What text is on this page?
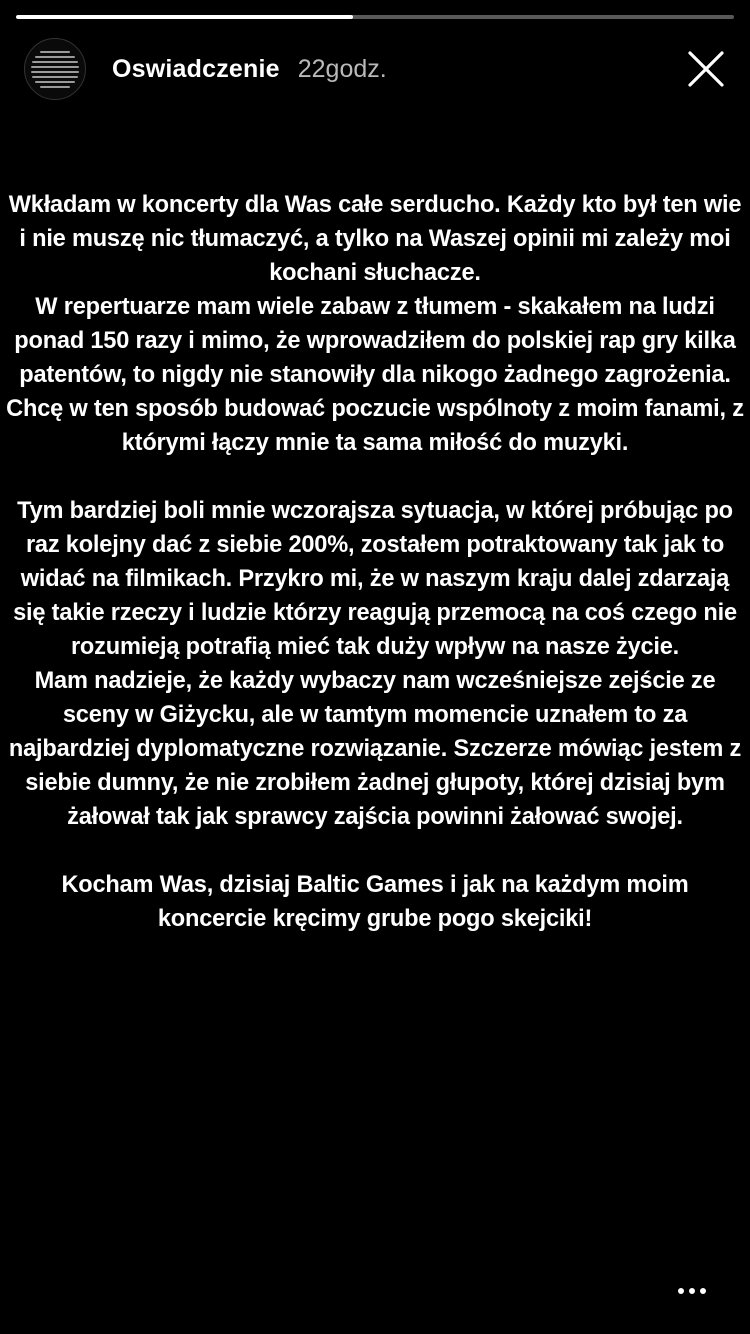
Oswiadczenie 22godz.

Wkładam w koncerty dla Was całe serducho. Każdy kto był ten wie i nie muszę nic tłumaczyć, a tylko na Waszej opinii mi zależy moi kochani słuchacze.

W repertuarze mam wiele zabaw z tłumem - skakałem na ludzi ponad 150 razy i mimo, że wprowadziłem do polskiej rap gry kilka patentów, to nigdy nie stanowiły dla nikogo żadnego zagrożenia. Chcę w ten sposób budować poczucie wspólnoty z moim fanami, z którymi łączy mnie ta sama miłość do muzyki.

Tym bardziej boli mnie wczorajsza sytuacja, w której próbując po raz kolejny dać z siebie 200%, zostałem potraktowany tak jak to widać na filmikach. Przykro mi, że w naszym kraju dalej zdarzają się takie rzeczy i ludzie którzy reagują przemocą na coś czego nie rozumieją potrafią mieć tak duży wpływ na nasze życie.

Mam nadzieje, że każdy wybaczy nam wcześniejsze zejście ze sceny w Giżycku, ale w tamtym momencie uznałem to za najbardziej dyplomatyczne rozwiązanie. Szczerze mówiąc jestem z siebie dumny, że nie zrobiłem żadnej głupoty, której dzisiaj bym żałował tak jak sprawcy zajścia powinni żałować swojej.

Kocham Was, dzisiaj Baltic Games i jak na każdym moim koncercie kręcimy grube pogo skejciki!
